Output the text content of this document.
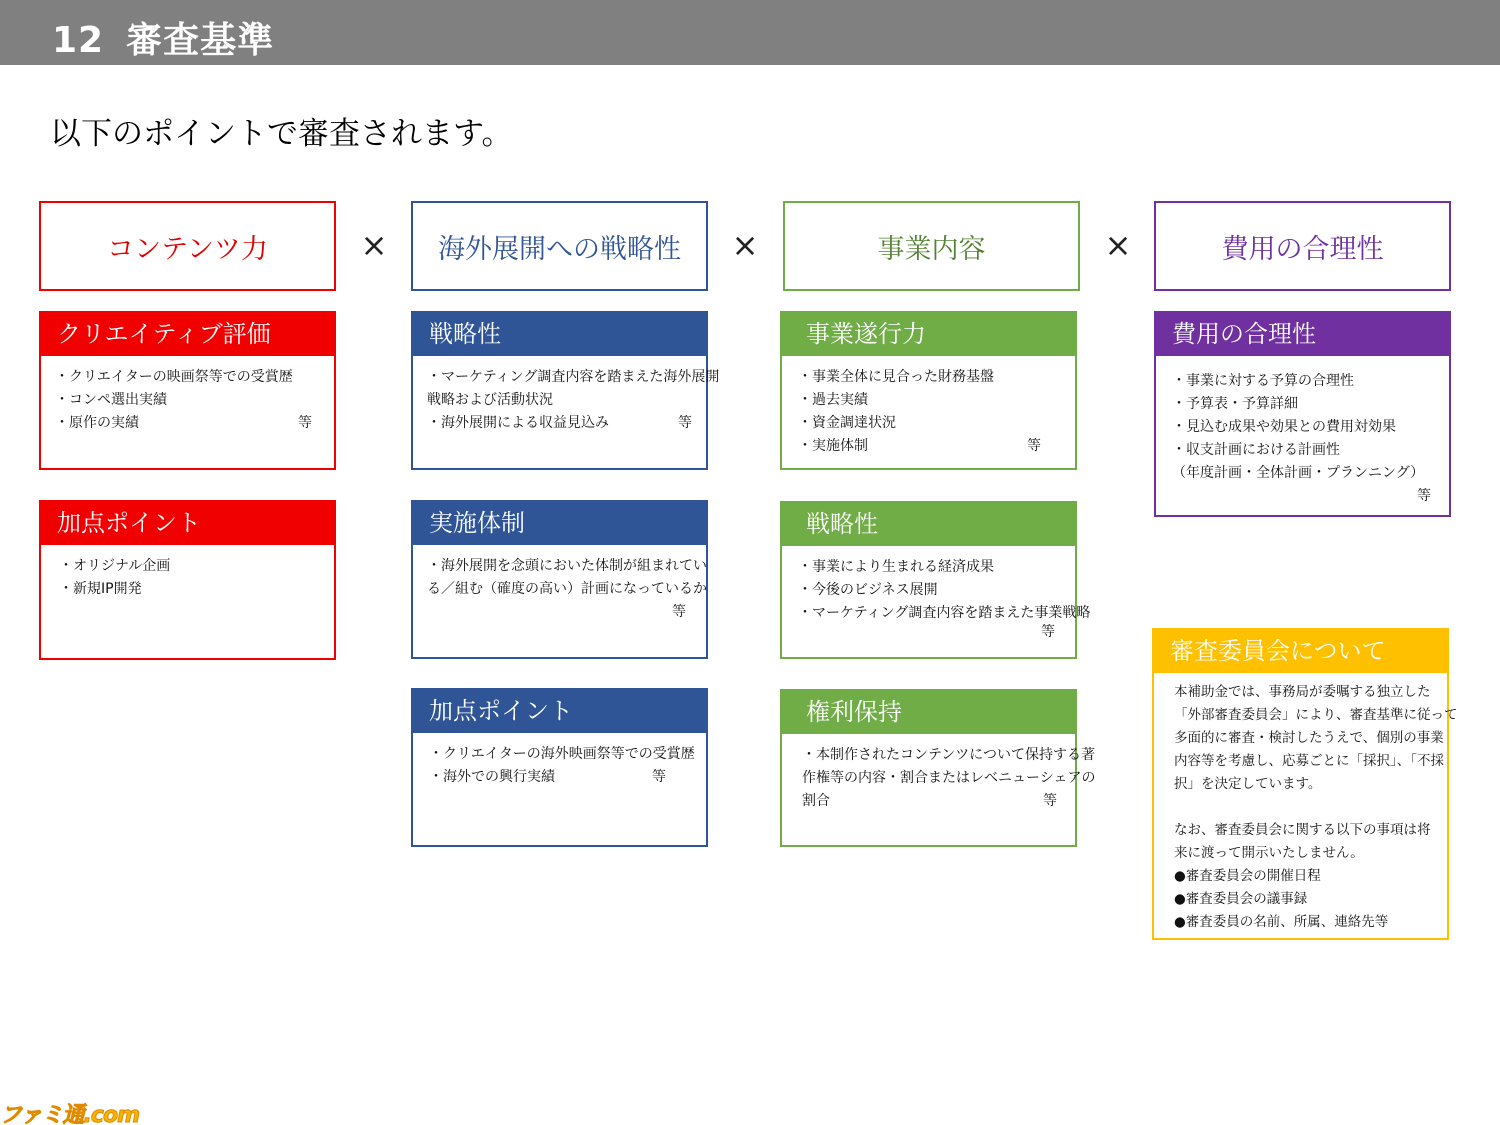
12 審査基準
以下のポイントで審査されます。
コンテンツ力	×	海外展開への戦略性	×	事業内容	×	費用の合理性
クリエイティブ評価
・クリエイターの映画祭等での受賞歴
・コンペ選出実績
・原作の実績	等
加点ポイント
・オリジナル企画
・新規IP開発
戦略性
・マーケティング調査内容を踏まえた海外展開
戦略および活動状況
・海外展開による収益見込み	等
実施体制
・海外展開を念頭においた体制が組まれてい
る／組む（確度の高い）計画になっているか
等
加点ポイント
・クリエイターの海外映画祭等での受賞歴
・海外での興行実績	等
事業遂行力
・事業全体に見合った財務基盤
・過去実績
・資金調達状況
・実施体制	等
戦略性
・事業により生まれる経済成果
・今後のビジネス展開
・マーケティング調査内容を踏まえた事業戦略
等
権利保持
・本制作されたコンテンツについて保持する著
作権等の内容・割合またはレベニューシェアの
割合	等
費用の合理性
・事業に対する予算の合理性
・予算表・予算詳細
・見込む成果や効果との費用対効果
・収支計画における計画性
（年度計画・全体計画・プランニング）
等
審査委員会について
本補助金では、事務局が委嘱する独立した
「外部審査委員会」により、審査基準に従って
多面的に審査・検討したうえで、個別の事業
内容等を考慮し、応募ごとに「採択」、「不採
択」を決定しています。
なお、審査委員会に関する以下の事項は将
来に渡って開示いたしません。
●審査委員会の開催日程
●審査委員会の議事録
●審査委員の名前、所属、連絡先等
ファミ通.com
